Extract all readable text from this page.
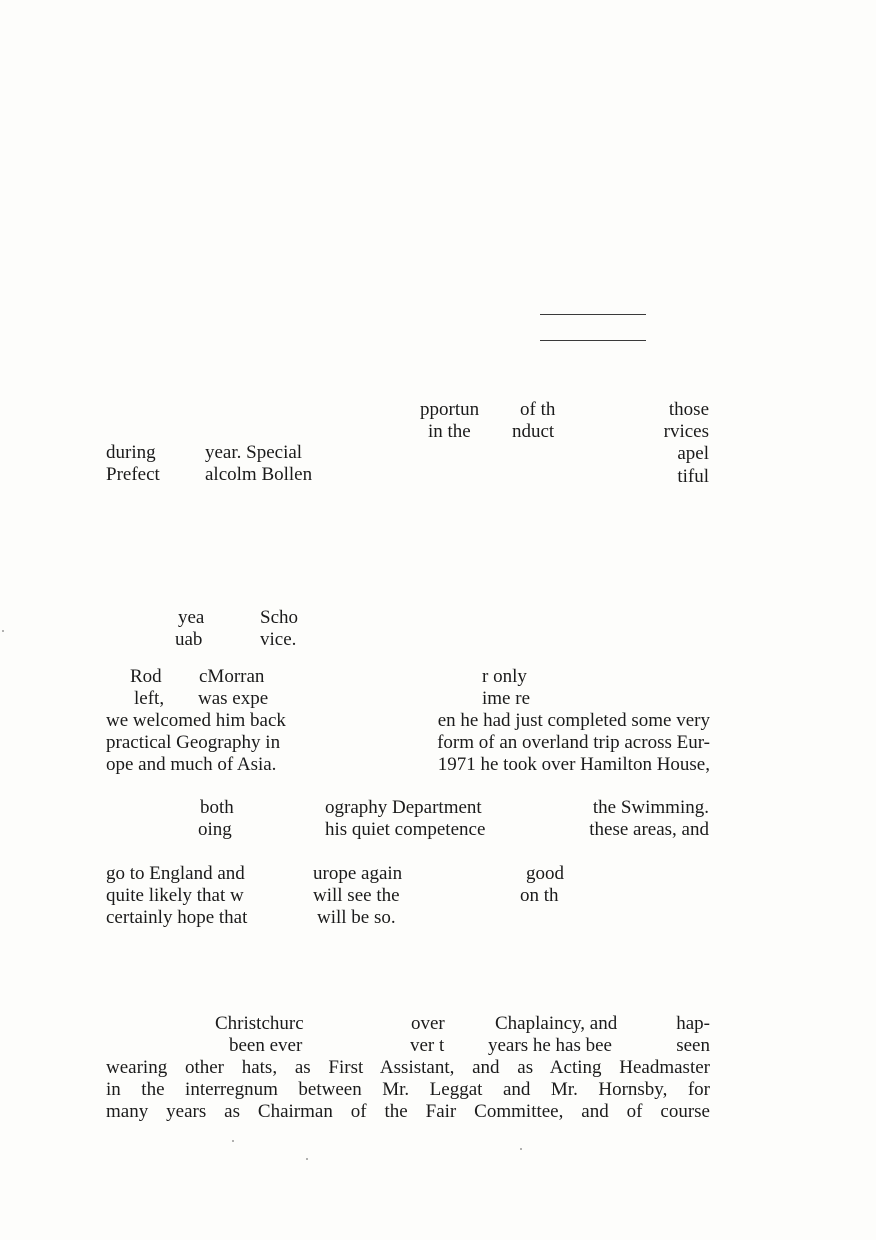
pportun of th	those
in the nduct	rvices
during	year. Special	apel
Prefect alcolm Bollen	tiful
yea	Scho
uab	vice.
Rod cMorran	r only
left, was expe	ime re
we welcomed him back	en he had just completed some very
practical Geography in	form of an overland trip across Eur-
ope and much of Asia.	1971 he took over Hamilton House,
both	ography Department	the Swimming.
oing	his quiet competence	these areas, and
go to England and	urope again	good
quite likely that w	will see the	on th
certainly hope that	will be so.
Christchurc	over	Chaplaincy, and	hap-
been ever	ver t years he has bee	seen
wearing other hats, as First Assistant, and as Acting Headmaster
in the interregnum between Mr. Leggat and Mr. Hornsby, for
many years as Chairman of the Fair Committee, and of course
